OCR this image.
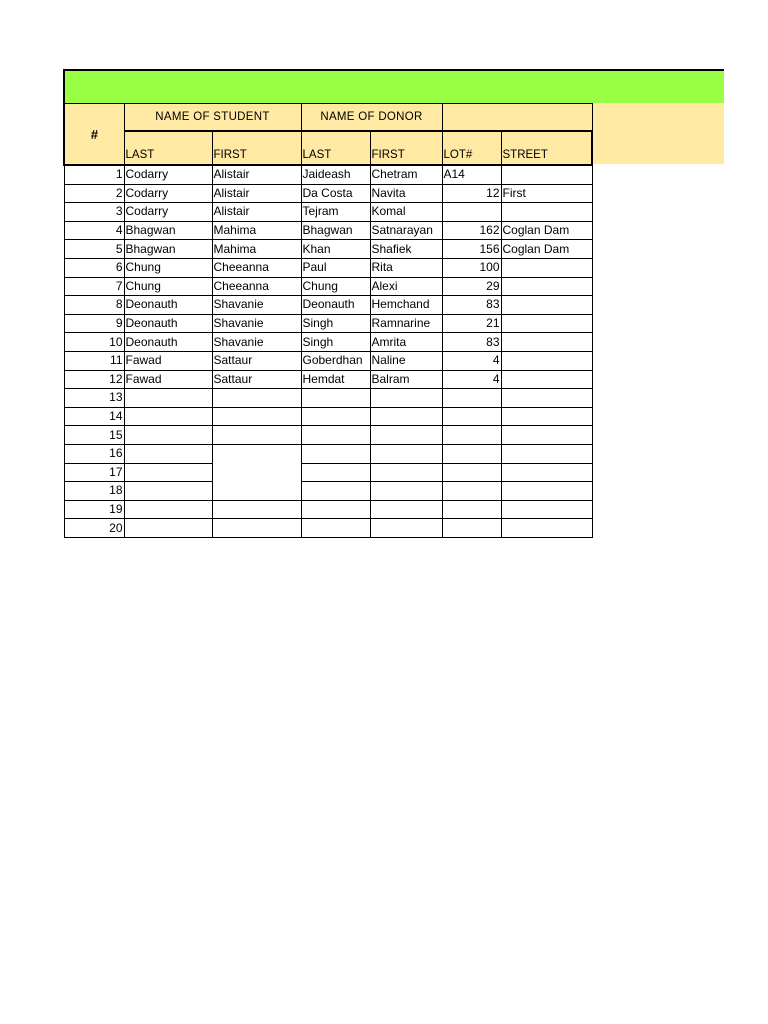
#	NAME OF STUDENT		NAME OF DONOR			
	LAST	FIRST	LAST	FIRST	LOT#	STREET
1	Codarry	Alistair	Jaideash	Chetram	A14	
2	Codarry	Alistair	Da Costa	Navita	12	First
3	Codarry	Alistair	Tejram	Komal		
4	Bhagwan	Mahima	Bhagwan	Satnarayan	162	Coglan Dam
5	Bhagwan	Mahima	Khan	Shafiek	156	Coglan Dam
6	Chung	Cheeanna	Paul	Rita	100	
7	Chung	Cheeanna	Chung	Alexi	29	
8	Deonauth	Shavanie	Deonauth	Hemchand	83	
9	Deonauth	Shavanie	Singh	Ramnarine	21	
10	Deonauth	Shavanie	Singh	Amrita	83	
11	Fawad	Sattaur	Goberdhan	Naline	4	
12	Fawad	Sattaur	Hemdat	Balram	4	
13						
14						
15						
16						
17						
18						
19						
20						
